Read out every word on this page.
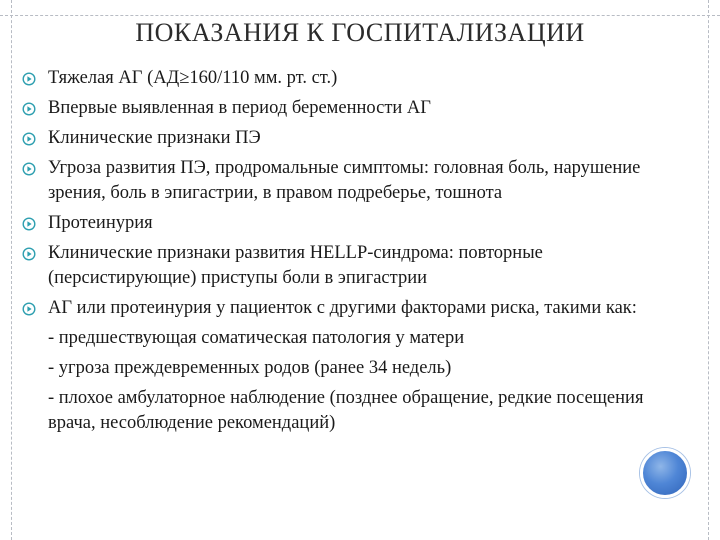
ПОКАЗАНИЯ К ГОСПИТАЛИЗАЦИИ
Тяжелая АГ (АД≥160/110 мм. рт. ст.)
Впервые выявленная в период беременности АГ
Клинические признаки ПЭ
Угроза развития ПЭ, продромальные симптомы: головная боль, нарушение зрения, боль в эпигастрии, в правом подреберье, тошнота
Протеинурия
Клинические признаки развития HELLP-синдрома: повторные (персистирующие) приступы боли в эпигастрии
АГ или протеинурия у пациенток с другими факторами риска, такими как:
- предшествующая соматическая патология у матери
- угроза преждевременных родов (ранее 34 недель)
- плохое амбулаторное наблюдение (позднее обращение, редкие посещения врача, несоблюдение рекомендаций)
